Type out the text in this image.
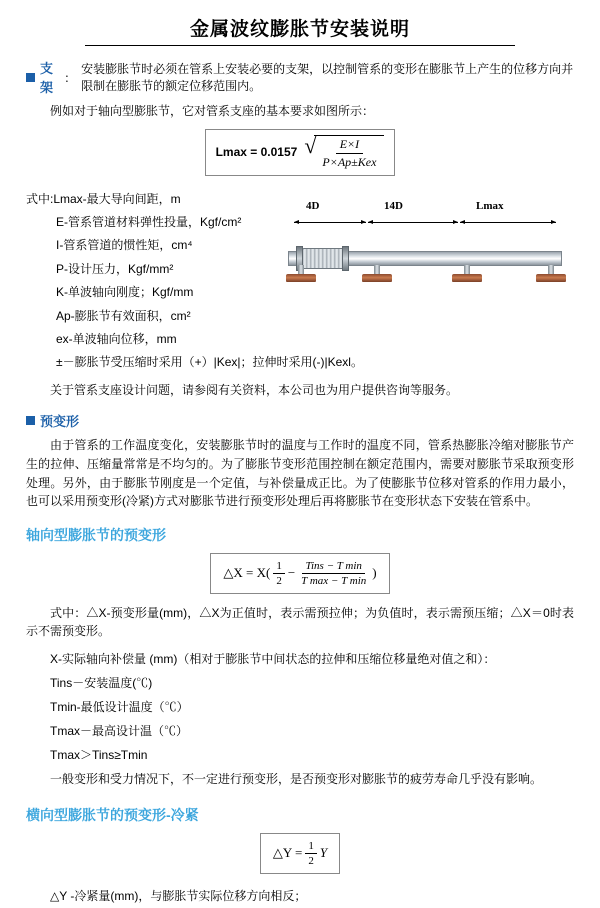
金属波纹膨胀节安装说明
支架
：
安装膨胀节时必须在管系上安装必要的支架，以控制管系的变形在膨胀节上产生的位移方向并限制在膨胀节的额定位移范围内。

例如对于轴向型膨胀节，它对管系支座的基本要求如图所示：

Lmax = 0.0157 √ $\frac{E\times I}{\text{P×Ap±Kex}}$
式中:Lmax-最大导向间距，m
E-管系管道材料弹性投量，Kgf/cm²
I-管系管道的惯性矩，cm⁴
P-设计压力，Kgf/mm²
K-单波轴向刚度；Kgf/mm
Ap-膨胀节有效面积，cm²
ex-单波轴向位移，mm
±－膨胀节受压缩时采用（+）|Kex|；拉伸时采用(-)|Kexl。
4D	14D	Lmax

关于管系支座设计问题，请参阅有关资料，本公司也为用户提供咨询等服务。

预变形

由于管系的工作温度变化，安装膨胀节时的温度与工作时的温度不同，管系热膨胀冷缩对膨胀节产生的拉伸、压缩量常常是不均匀的。为了膨胀节变形范围控制在额定范围内，需要对膨胀节采取预变形处理。另外，由于膨胀节刚度是一个定值，与补偿量成正比。为了使膨胀节位移对管系的作用力最小，也可以采用预变形(冷紧)方式对膨胀节进行预变形处理后再将膨胀节在变形状态下安装在管系中。

轴向型膨胀节的预变形
△X = $X( \frac{1}{2} - \frac{\text{Tins − T min}}{\text{T max − T min}}$ )

式中：△X-预变形量(mm)，△X为正值时，表示需预拉伸；为负值时，表示需预压缩；△X＝0时表示不需预变形。

X-实际轴向补偿量 (mm)（相对于膨胀节中间状态的拉伸和压缩位移量绝对值之和）：
Tins－安装温度(℃)
Tmin-最低设计温度（℃）
Tmax－最高设计温（℃）
Tmax＞Tins≥Tmin
一般变形和受力情况下，不一定进行预变形，是否预变形对膨胀节的疲劳寿命几乎没有影响。
横向型膨胀节的预变形-冷紧
△Y = $\frac{1}{2}$ Y
△Y -冷紧量(mm)，与膨胀节实际位移方向相反；
